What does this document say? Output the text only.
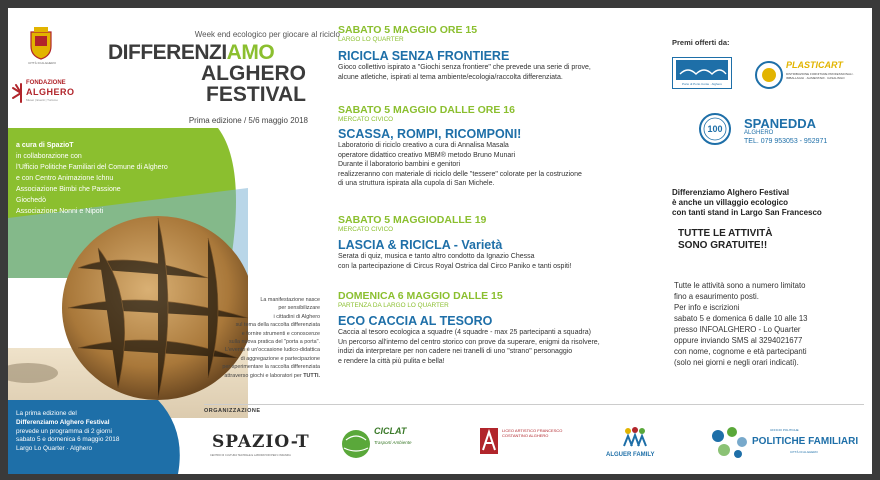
CITTÀ DI ALGHERO
FONDAZIONE
ALGHERO
Musei | Eventi | Turismo
Week end ecologico per giocare al riciclo
DIFFERENZIAMO
ALGHERO
FESTIVAL
Prima edizione / 5/6 maggio 2018
a cura di SpazioT
in collaborazione con
l'Ufficio Politiche Familiari del Comune di Alghero
e con Centro Animazione Ichnu
Associazione Bimbi che Passione
Giochedò
Associazione Nonni e Nipoti
La manifestazione nasce
per sensibilizzare
i cittadini di Alghero
sul tema della raccolta differenziata
e fornire strumenti e conoscenze
sulla nuova pratica del "porta a porta".
L'evento è un'occasione ludico-didattica
di aggregazione e partecipazione
per sperimentare la raccolta differenziata
attraverso giochi e laboratori per TUTTI.
La prima edizione del
Differenziamo Alghero Festival
prevede un programma di 2 giorni
sabato 5 e domenica 6 maggio 2018
Largo Lo Quarter · Alghero
SABATO 5 MAGGIO ORE 15
LARGO LO QUARTER
RICICLA SENZA FRONTIERE
Gioco collettivo ispirato a "Giochi senza frontiere" che prevede una serie di prove,
alcune atletiche, ispirati al tema ambiente/ecologia/raccolta differenziata.
SABATO 5 MAGGIO DALLE ORE 16
MERCATO CIVICO
SCASSA, ROMPI, RICOMPONI!
Laboratorio di riciclo creativo a cura di Annalisa Masala
operatore didattico creativo MBM® metodo Bruno Munari
Durante il laboratorio bambini e genitori
realizzeranno con materiale di riciclo delle "tessere" colorate per la costruzione
di una struttura ispirata alla cupola di San Michele.
SABATO 5 MAGGIODALLE 19
MERCATO CIVICO
LASCIA & RICICLA - Varietà
Serata di quiz, musica e tanto altro condotto da Ignazio Chessa
con la partecipazione di Circus Royal Ostrica dal Circo Paniko e tanti ospiti!
DOMENICA 6 MAGGIO DALLE 15
PARTENZA DA LARGO LO QUARTER
ECO CACCIA AL TESORO
Caccia al tesoro ecologica a squadre (4 squadre - max 25 partecipanti a squadra)
Un percorso all'interno del centro storico con prove da superare, enigmi da risolvere,
indizi da interpretare per non cadere nei tranelli di uno "strano" personaggio
e rendere la città più pulita e bella!
Premi offerti da:
Porto di Porto Conte · Alghero
PLASTICART
DISTRIBUZIONE FORNITURE PROFESSIONALI · IMBALLAGGI · ALIMENTARI · CASALINGO
100 SPANEDDA
ALGHERO
TEL. 079 953053 - 952971
Differenziamo Alghero Festival
è anche un villaggio ecologico
con tanti stand in Largo San Francesco
TUTTE LE ATTIVITÀ
SONO GRATUITE!!
Tutte le attività sono a numero limitato
fino a esaurimento posti.
Per info e iscrizioni
sabato 5 e domenica 6 dalle 10 alle 13
presso INFOALGHERO - Lo Quarter
oppure inviando SMS al 3294021677
con nome, cognome e età partecipanti
(solo nei giorni e negli orari indicati).
ORGANIZZAZIONE
SPAZIO-T
CENTRO DI CULTURA TEATRALE E LABORATORI PER L'INFANZIA
CICLAT
Trasporti Ambiente
LICEO ARTISTICO FRANCESCO COSTANTINO ALGHERO
ALGUER FAMILY
UFFICIO POLITICHE
POLITICHE FAMILIARI
CITTÀ DI ALGHERO
